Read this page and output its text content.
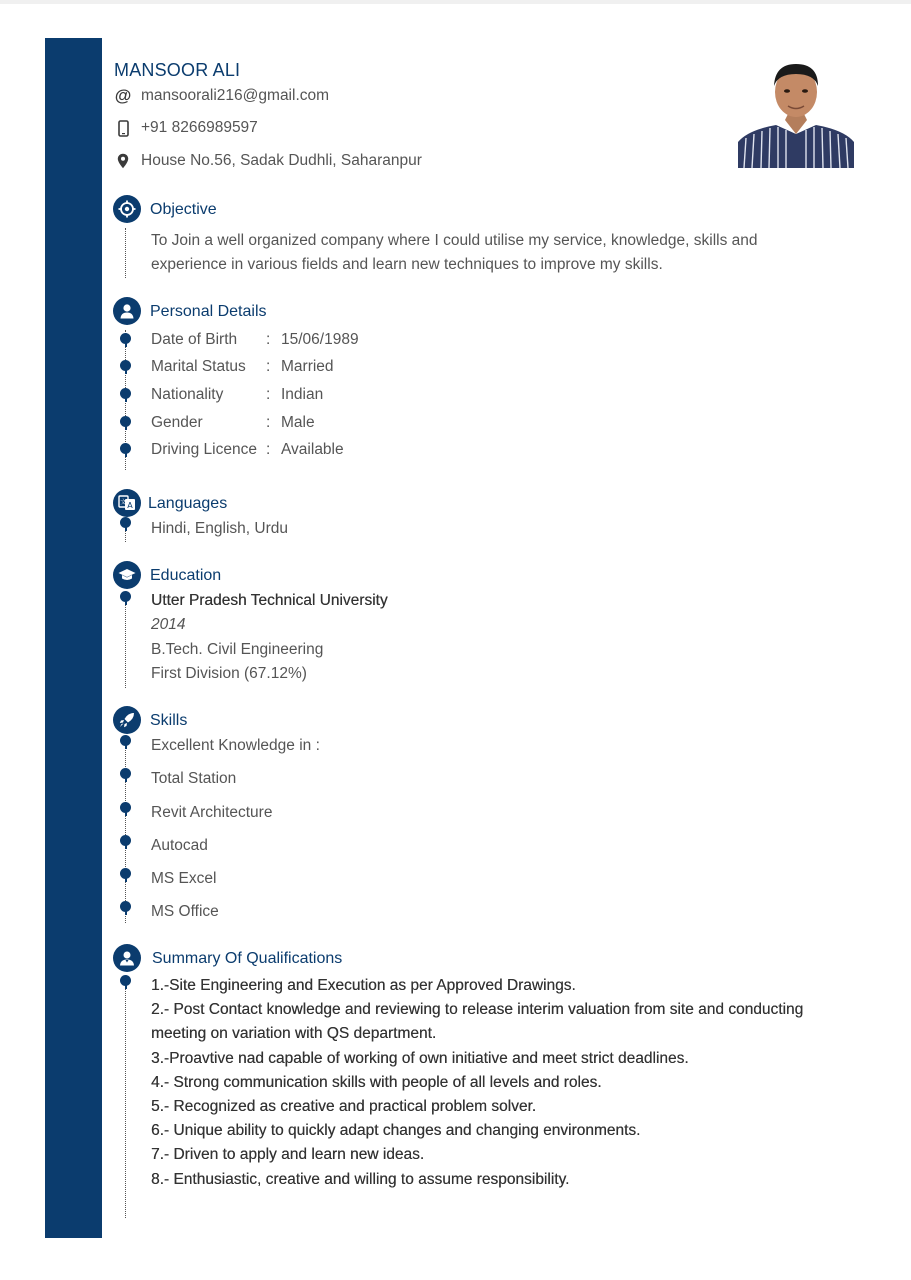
MANSOOR ALI
@ mansoorali216@gmail.com
+91 8266989597
House No.56, Sadak Dudhli, Saharanpur
Objective
To Join a well organized company where I could utilise my service, knowledge, skills and
experience in various fields and learn new techniques to improve my skills.
Personal Details
Date of Birth	: 15/06/1989
Marital Status	: Married
Nationality	: Indian
Gender	: Male
Driving Licence : Available
A
文 Languages
Hindi, English, Urdu
Education
Utter Pradesh Technical University
2014
B.Tech. Civil Engineering
First Division (67.12%)
Skills
Excellent Knowledge in :
Total Station
Revit Architecture
Autocad
MS Excel
MS Office
Summary Of Qualifications
1.-Site Engineering and Execution as per Approved Drawings.
2.- Post Contact knowledge and reviewing to release interim valuation from site and conducting
meeting on variation with QS department.
3.-Proavtive nad capable of working of own initiative and meet strict deadlines.
4.- Strong communication skills with people of all levels and roles.
5.- Recognized as creative and practical problem solver.
6.- Unique ability to quickly adapt changes and changing environments.
7.- Driven to apply and learn new ideas.
8.- Enthusiastic, creative and willing to assume responsibility.
